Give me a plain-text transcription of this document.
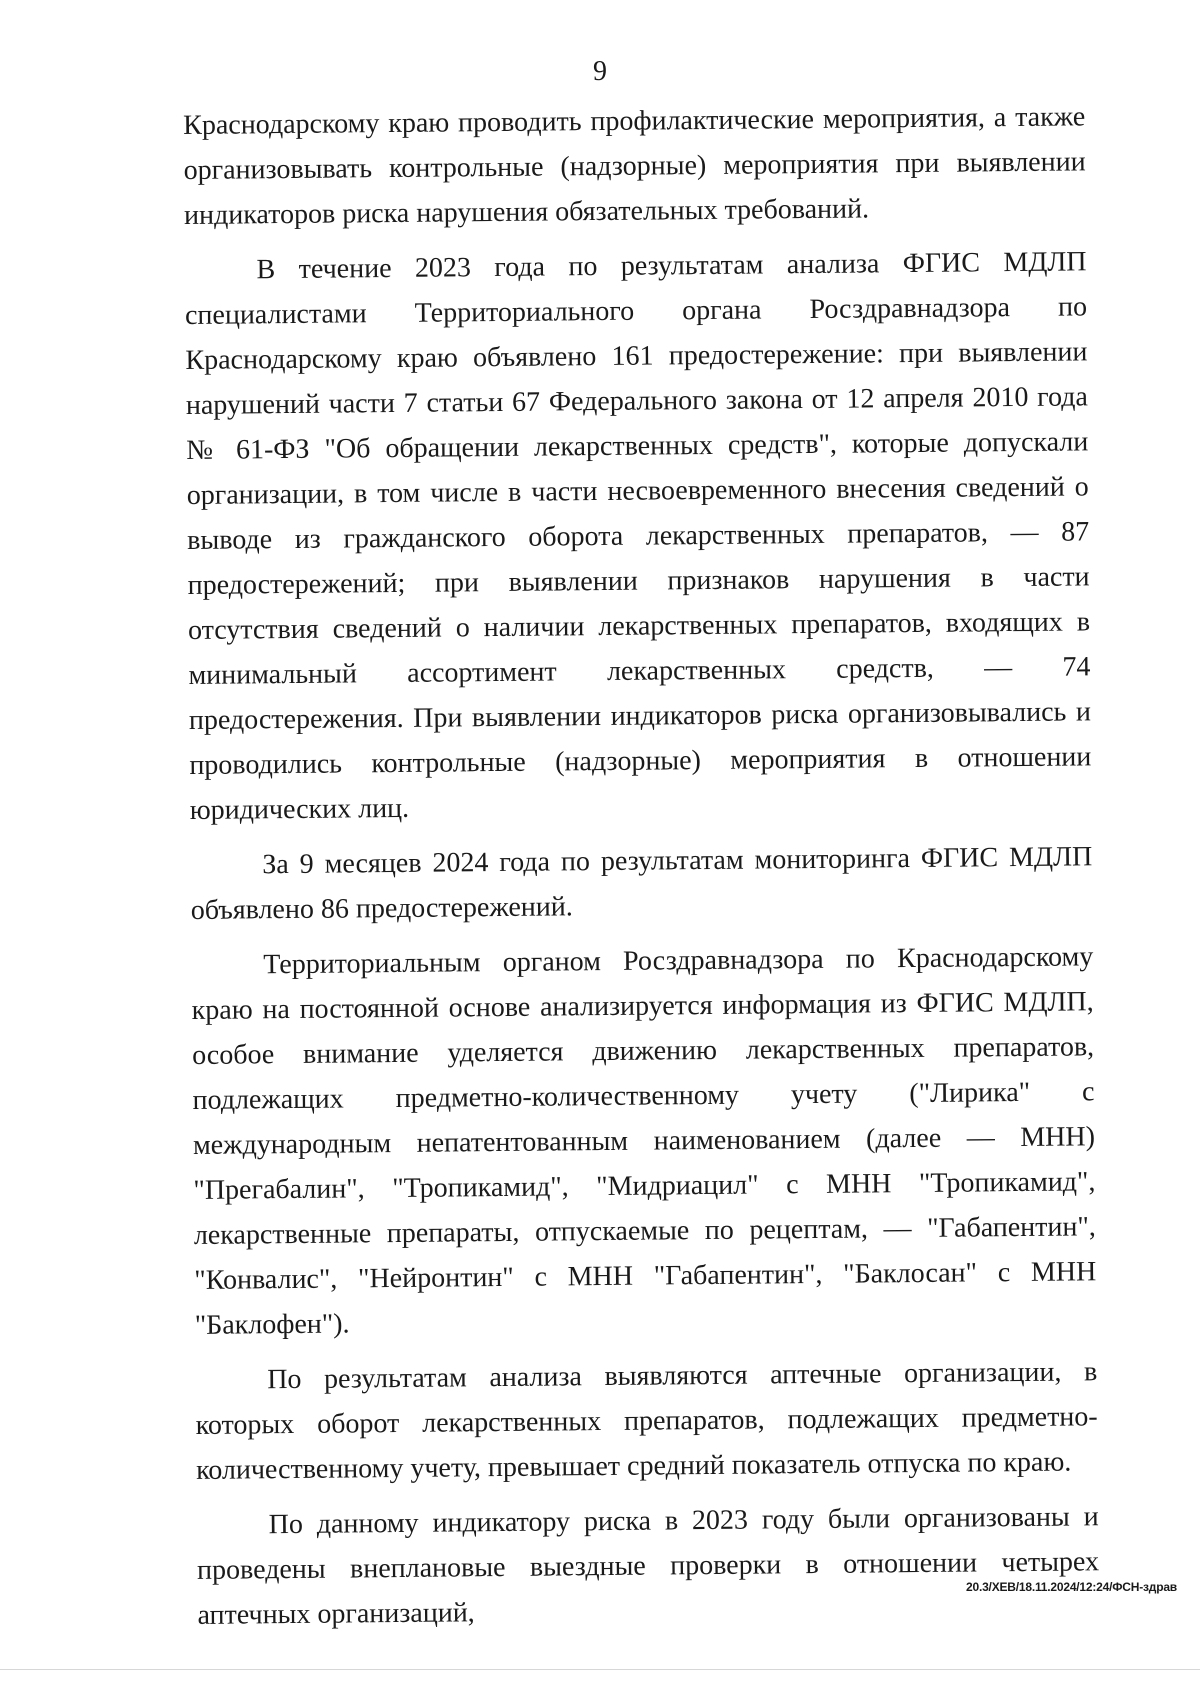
9

Краснодарскому краю проводить профилактические мероприятия, а также организовывать контрольные (надзорные) мероприятия при выявлении индикаторов риска нарушения обязательных требований.

В течение 2023 года по результатам анализа ФГИС МДЛП специалистами Территориального органа Росздравнадзора по Краснодарскому краю объявлено 161 предостережение: при выявлении нарушений части 7 статьи 67 Федерального закона от 12 апреля 2010 года № 61-ФЗ "Об обращении лекарственных средств", которые допускали организации, в том числе в части несвоевременного внесения сведений о выводе из гражданского оборота лекарственных препаратов, — 87 предостережений; при выявлении признаков нарушения в части отсутствия сведений о наличии лекарственных препаратов, входящих в минимальный ассортимент лекарственных средств, — 74 предостережения. При выявлении индикаторов риска организовывались и проводились контрольные (надзорные) мероприятия в отношении юридических лиц.

За 9 месяцев 2024 года по результатам мониторинга ФГИС МДЛП объявлено 86 предостережений.

Территориальным органом Росздравнадзора по Краснодарскому краю на постоянной основе анализируется информация из ФГИС МДЛП, особое внимание уделяется движению лекарственных препаратов, подлежащих предметно-количественному учету ("Лирика" с международным непатентованным наименованием (далее — МНН) "Прегабалин", "Тропикамид", "Мидриацил" с МНН "Тропикамид", лекарственные препараты, отпускаемые по рецептам, — "Габапентин", "Конвалис", "Нейронтин" с МНН "Габапентин", "Баклосан" с МНН "Баклофен").

По результатам анализа выявляются аптечные организации, в которых оборот лекарственных препаратов, подлежащих предметно-количественному учету, превышает средний показатель отпуска по краю.

По данному индикатору риска в 2023 году были организованы и проведены внеплановые выездные проверки в отношении четырех аптечных организаций,

20.3/ХЕВ/18.11.2024/12:24/ФСН-здрав
